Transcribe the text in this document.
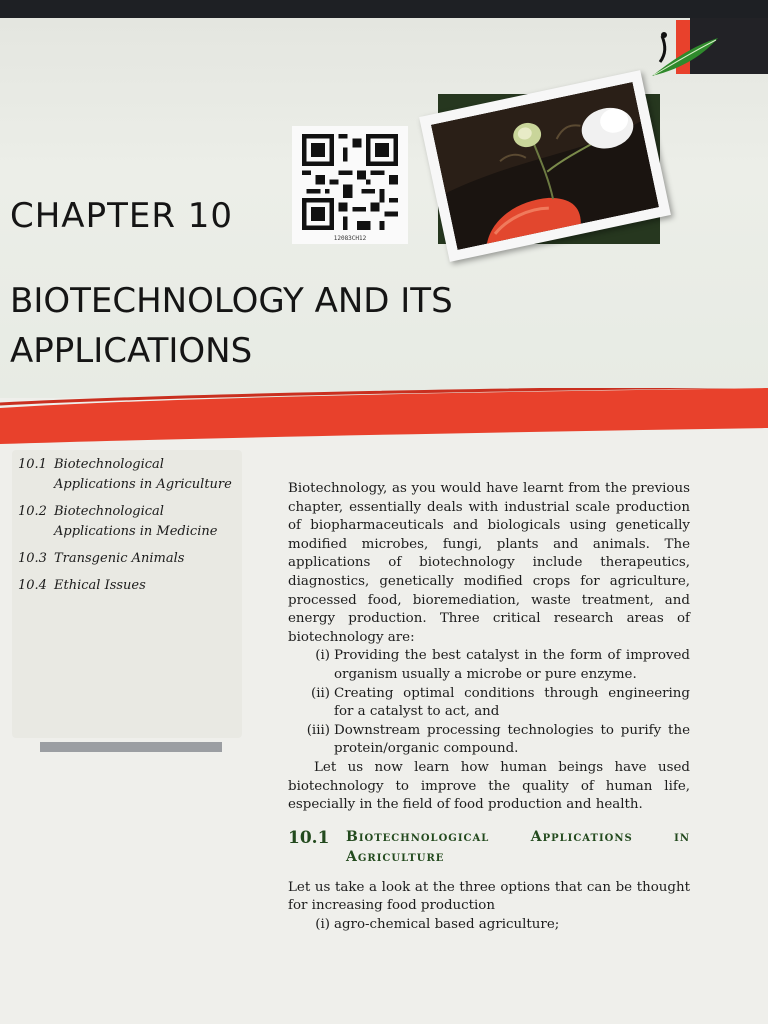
12083CH12
CHAPTER 10
BIOTECHNOLOGY AND ITS
APPLICATIONS
10.1 Biotechnological Applications in Agriculture
10.2 Biotechnological Applications in Medicine
10.3 Transgenic Animals
10.4 Ethical Issues

Biotechnology, as you would have learnt from the previous chapter, essentially deals with industrial scale production of biopharmaceuticals and biologicals using genetically modified microbes, fungi, plants and animals. The applications of biotechnology include therapeutics, diagnostics, genetically modified crops for agriculture, processed food, bioremediation, waste treatment, and energy production. Three critical research areas of biotechnology are:

(i) Providing the best catalyst in the form of improved organism usually a microbe or pure enzyme.
(ii) Creating optimal conditions through engineering for a catalyst to act, and
(iii) Downstream processing technologies to purify the protein/organic compound.

Let us now learn how human beings have used biotechnology to improve the quality of human life, especially in the field of food production and health.

10.1	Biotechnological Applications in Agriculture

Let us take a look at the three options that can be thought for increasing food production

(i) agro-chemical based agriculture;
